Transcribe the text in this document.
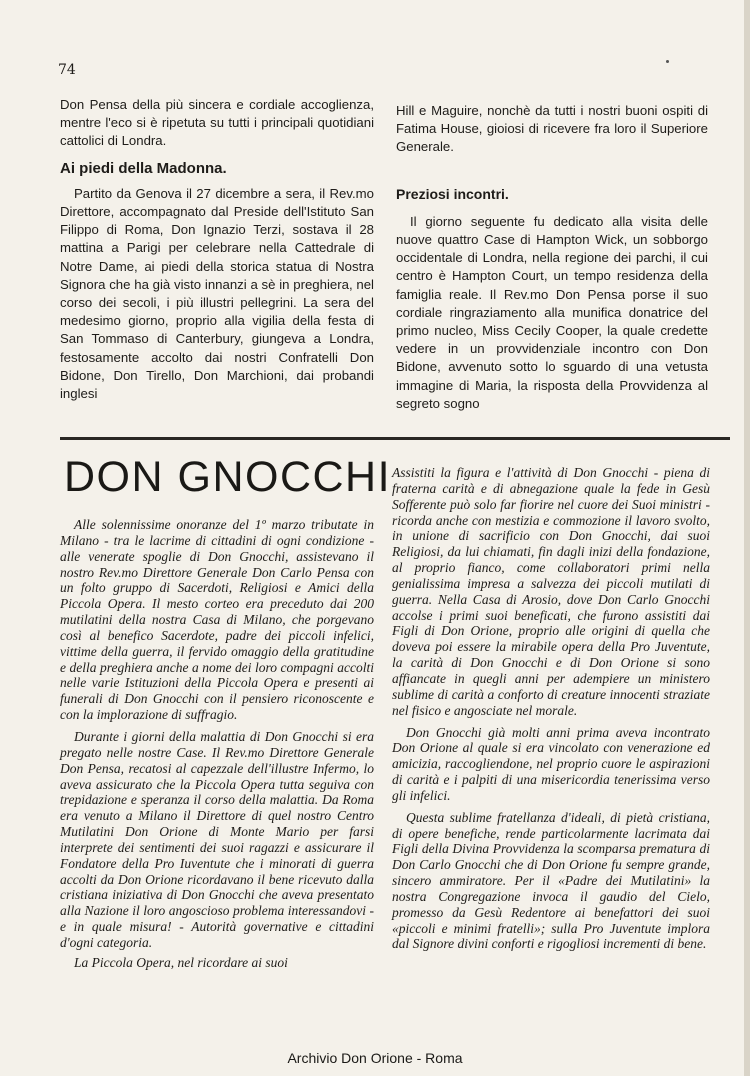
74

Don Pensa della più sincera e cordiale accoglienza, mentre l'eco si è ripetuta su tutti i principali quotidiani cattolici di Londra.

Ai piedi della Madonna.

Partito da Genova il 27 dicembre a sera, il Rev.mo Direttore, accompagnato dal Preside dell'Istituto San Filippo di Roma, Don Ignazio Terzi, sostava il 28 mattina a Parigi per celebrare nella Cattedrale di Notre Dame, ai piedi della storica statua di Nostra Signora che ha già visto innanzi a sè in preghiera, nel corso dei secoli, i più illustri pellegrini. La sera del medesimo giorno, proprio alla vigilia della festa di San Tommaso di Canterbury, giungeva a Londra, festosamente accolto dai nostri Confratelli Don Bidone, Don Tirello, Don Marchioni, dai probandi inglesi

Hill e Maguire, nonchè da tutti i nostri buoni ospiti di Fatima House, gioiosi di ricevere fra loro il Superiore Generale.

Preziosi incontri.

Il giorno seguente fu dedicato alla visita delle nuove quattro Case di Hampton Wick, un sobborgo occidentale di Londra, nella regione dei parchi, il cui centro è Hampton Court, un tempo residenza della famiglia reale. Il Rev.mo Don Pensa porse il suo cordiale ringraziamento alla munifica donatrice del primo nucleo, Miss Cecily Cooper, la quale credette vedere in un provvidenziale incontro con Don Bidone, avvenuto sotto lo sguardo di una vetusta immagine di Maria, la risposta della Provvidenza al segreto sogno

DON GNOCCHI

Alle solennissime onoranze del 1º marzo tributate in Milano - tra le lacrime di cittadini di ogni condizione - alle venerate spoglie di Don Gnocchi, assistevano il nostro Rev.mo Direttore Generale Don Carlo Pensa con un folto gruppo di Sacerdoti, Religiosi e Amici della Piccola Opera. Il mesto corteo era preceduto dai 200 mutilatini della nostra Casa di Milano, che porgevano così al benefico Sacerdote, padre dei piccoli infelici, vittime della guerra, il fervido omaggio della gratitudine e della preghiera anche a nome dei loro compagni accolti nelle varie Istituzioni della Piccola Opera e presenti ai funerali di Don Gnocchi con il pensiero riconoscente e con la implorazione di suffragio.

Durante i giorni della malattia di Don Gnocchi si era pregato nelle nostre Case. Il Rev.mo Direttore Generale Don Pensa, recatosi al capezzale dell'illustre Infermo, lo aveva assicurato che la Piccola Opera tutta seguiva con trepidazione e speranza il corso della malattia. Da Roma era venuto a Milano il Direttore di quel nostro Centro Mutilatini Don Orione di Monte Mario per farsi interprete dei sentimenti dei suoi ragazzi e assicurare il Fondatore della Pro Iuventute che i minorati di guerra accolti da Don Orione ricordavano il bene ricevuto dalla cristiana iniziativa di Don Gnocchi che aveva presentato alla Nazione il loro angoscioso problema interessandovi - e in quale misura! - Autorità governative e cittadini d'ogni categoria.

La Piccola Opera, nel ricordare ai suoi

Assistiti la figura e l'attività di Don Gnocchi - piena di fraterna carità e di abnegazione quale la fede in Gesù Sofferente può solo far fiorire nel cuore dei Suoi ministri - ricorda anche con mestizia e commozione il lavoro svolto, in unione di sacrificio con Don Gnocchi, dai suoi Religiosi, da lui chiamati, fin dagli inizi della fondazione, al proprio fianco, come collaboratori primi nella genialissima impresa a salvezza dei piccoli mutilati di guerra. Nella Casa di Arosio, dove Don Carlo Gnocchi accolse i primi suoi beneficati, che furono assistiti dai Figli di Don Orione, proprio alle origini di quella che doveva poi essere la mirabile opera della Pro Juventute, la carità di Don Gnocchi e di Don Orione si sono affiancate in quegli anni per adempiere un ministero sublime di carità a conforto di creature innocenti straziate nel fisico e angosciate nel morale.

Don Gnocchi già molti anni prima aveva incontrato Don Orione al quale si era vincolato con venerazione ed amicizia, raccogliendone, nel proprio cuore le aspirazioni di carità e i palpiti di una misericordia tenerissima verso gli infelici.

Questa sublime fratellanza d'ideali, di pietà cristiana, di opere benefiche, rende particolarmente lacrimata dai Figli della Divina Provvidenza la scomparsa prematura di Don Carlo Gnocchi che di Don Orione fu sempre grande, sincero ammiratore. Per il «Padre dei Mutilatini» la nostra Congregazione invoca il gaudio del Cielo, promesso da Gesù Redentore ai benefattori dei suoi «piccoli e minimi fratelli»; sulla Pro Juventute implora dal Signore divini conforti e rigogliosi incrementi di bene.

Archivio Don Orione - Roma
